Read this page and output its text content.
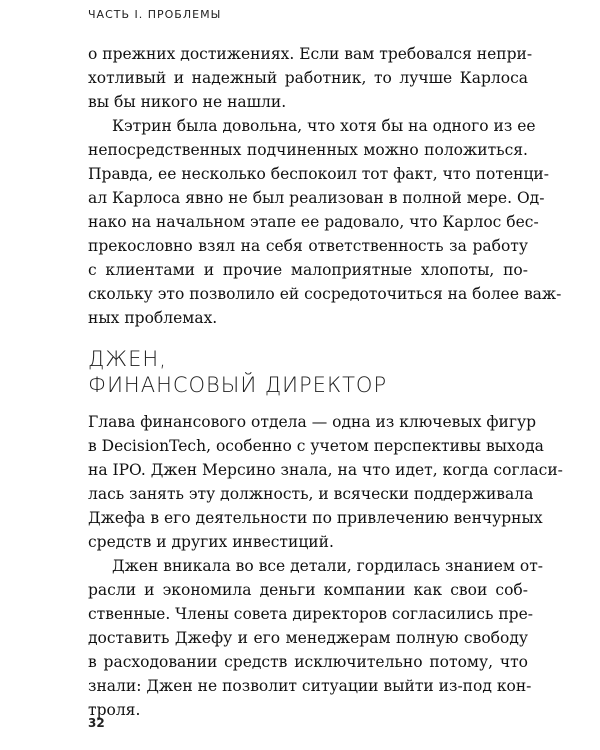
ЧАСТЬ I. ПРОБЛЕМЫ
о прежних достижениях. Если вам требовался непри-
хотливый и надежный работник, то лучше Карлоса
вы бы никого не нашли.
Кэтрин была довольна, что хотя бы на одного из ее
непосредственных подчиненных можно положиться.
Правда, ее несколько беспокоил тот факт, что потенци-
ал Карлоса явно не был реализован в полной мере. Од-
нако на начальном этапе ее радовало, что Карлос бес-
прекословно взял на себя ответственность за работу
с клиентами и прочие малоприятные хлопоты, по-
скольку это позволило ей сосредоточиться на более важ-
ных проблемах.
ДЖЕН,
ФИНАНСОВЫЙ ДИРЕКТОР
Глава финансового отдела — одна из ключевых фигур
в DecisionTech, особенно с учетом перспективы выхода
на IPO. Джен Мерсино знала, на что идет, когда согласи-
лась занять эту должность, и всячески поддерживала
Джефа в его деятельности по привлечению венчурных
средств и других инвестиций.
Джен вникала во все детали, гордилась знанием от-
расли и экономила деньги компании как свои соб-
ственные. Члены совета директоров согласились пре-
доставить Джефу и его менеджерам полную свободу
в расходовании средств исключительно потому, что
знали: Джен не позволит ситуации выйти из-под кон-
троля.
32
